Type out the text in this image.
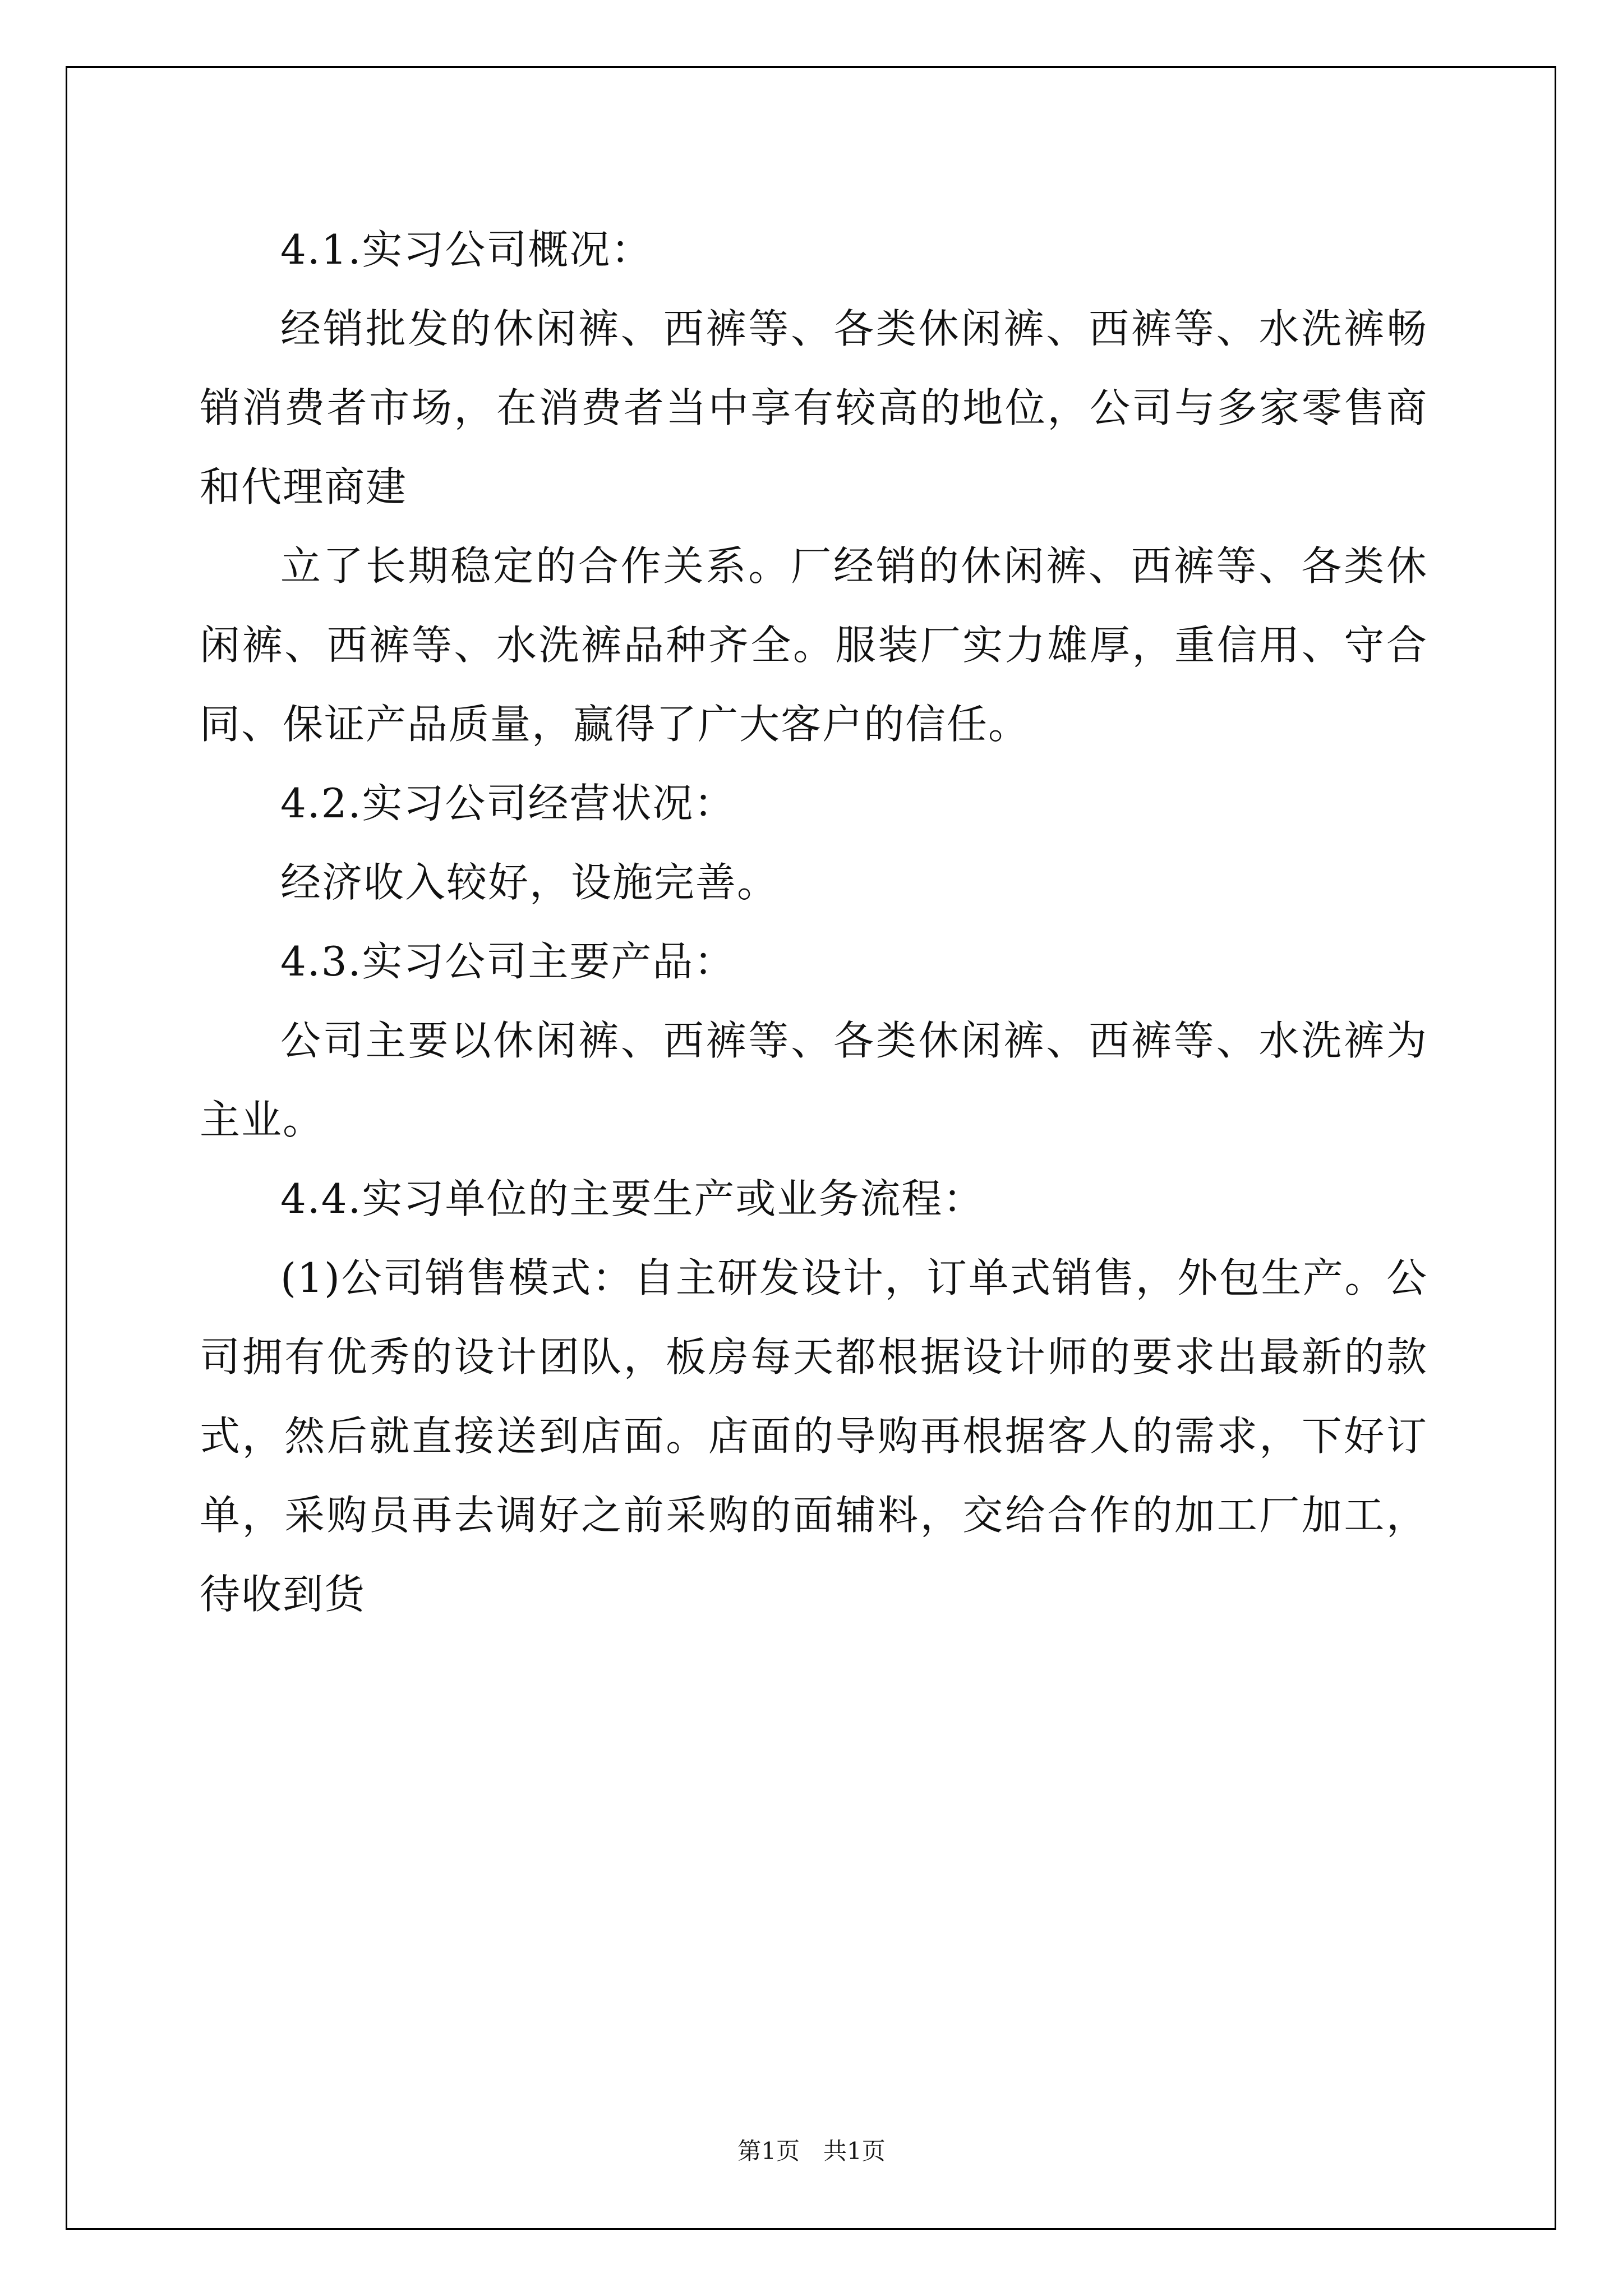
4.1.实习公司概况：

经销批发的休闲裤、西裤等、各类休闲裤、西裤等、水洗裤畅销消费者市场，在消费者当中享有较高的地位，公司与多家零售商和代理商建

立了长期稳定的合作关系。厂经销的休闲裤、西裤等、各类休闲裤、西裤等、水洗裤品种齐全。服装厂实力雄厚，重信用、守合同、保证产品质量，赢得了广大客户的信任。

4.2.实习公司经营状况：

经济收入较好，设施完善。

4.3.实习公司主要产品：

公司主要以休闲裤、西裤等、各类休闲裤、西裤等、水洗裤为主业。

4.4.实习单位的主要生产或业务流程：

(1)公司销售模式：自主研发设计，订单式销售，外包生产。公司拥有优秀的设计团队，板房每天都根据设计师的要求出最新的款式，然后就直接送到店面。店面的导购再根据客人的需求，下好订单，采购员再去调好之前采购的面辅料，交给合作的加工厂加工，待收到货

第1页　共1页
